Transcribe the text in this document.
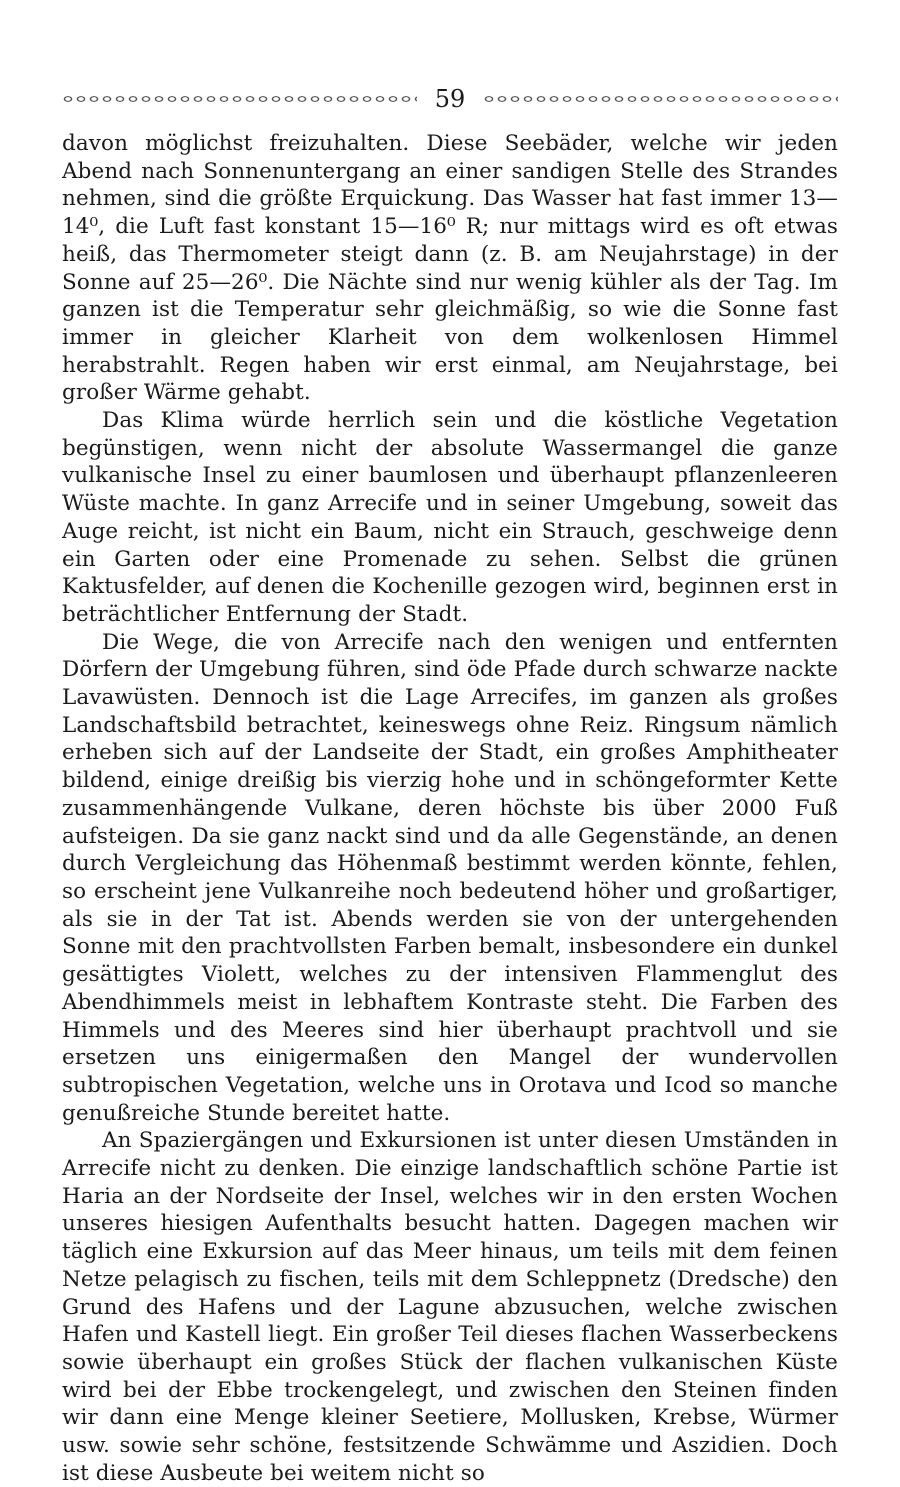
59

davon möglichst freizuhalten. Diese Seebäder, welche wir jeden Abend nach Sonnenuntergang an einer sandigen Stelle des Strandes nehmen, sind die größte Erquickung. Das Wasser hat fast immer 13—14⁰, die Luft fast konstant 15—16⁰ R; nur mittags wird es oft etwas heiß, das Thermometer steigt dann (z. B. am Neujahrstage) in der Sonne auf 25—26⁰. Die Nächte sind nur wenig kühler als der Tag. Im ganzen ist die Temperatur sehr gleichmäßig, so wie die Sonne fast immer in gleicher Klarheit von dem wolkenlosen Himmel herabstrahlt. Regen haben wir erst einmal, am Neujahrstage, bei großer Wärme gehabt.

Das Klima würde herrlich sein und die köstliche Vegetation begünstigen, wenn nicht der absolute Wassermangel die ganze vulkanische Insel zu einer baumlosen und überhaupt pflanzenleeren Wüste machte. In ganz Arrecife und in seiner Umgebung, soweit das Auge reicht, ist nicht ein Baum, nicht ein Strauch, geschweige denn ein Garten oder eine Promenade zu sehen. Selbst die grünen Kaktusfelder, auf denen die Kochenille gezogen wird, beginnen erst in beträchtlicher Entfernung der Stadt.

Die Wege, die von Arrecife nach den wenigen und entfernten Dörfern der Umgebung führen, sind öde Pfade durch schwarze nackte Lavawüsten. Dennoch ist die Lage Arrecifes, im ganzen als großes Landschaftsbild betrachtet, keineswegs ohne Reiz. Ringsum nämlich erheben sich auf der Landseite der Stadt, ein großes Amphitheater bildend, einige dreißig bis vierzig hohe und in schöngeformter Kette zusammenhängende Vulkane, deren höchste bis über 2000 Fuß aufsteigen. Da sie ganz nackt sind und da alle Gegenstände, an denen durch Vergleichung das Höhenmaß bestimmt werden könnte, fehlen, so erscheint jene Vulkanreihe noch bedeutend höher und großartiger, als sie in der Tat ist. Abends werden sie von der untergehenden Sonne mit den prachtvollsten Farben bemalt, insbesondere ein dunkel gesättigtes Violett, welches zu der intensiven Flammenglut des Abendhimmels meist in lebhaftem Kontraste steht. Die Farben des Himmels und des Meeres sind hier überhaupt prachtvoll und sie ersetzen uns einigermaßen den Mangel der wundervollen subtropischen Vegetation, welche uns in Orotava und Icod so manche genußreiche Stunde bereitet hatte.

An Spaziergängen und Exkursionen ist unter diesen Umständen in Arrecife nicht zu denken. Die einzige landschaftlich schöne Partie ist Haria an der Nordseite der Insel, welches wir in den ersten Wochen unseres hiesigen Aufenthalts besucht hatten. Dagegen machen wir täglich eine Exkursion auf das Meer hinaus, um teils mit dem feinen Netze pelagisch zu fischen, teils mit dem Schleppnetz (Dredsche) den Grund des Hafens und der Lagune abzusuchen, welche zwischen Hafen und Kastell liegt. Ein großer Teil dieses flachen Wasserbeckens sowie überhaupt ein großes Stück der flachen vulkanischen Küste wird bei der Ebbe trockengelegt, und zwischen den Steinen finden wir dann eine Menge kleiner Seetiere, Mollusken, Krebse, Würmer usw. sowie sehr schöne, festsitzende Schwämme und Aszidien. Doch ist diese Ausbeute bei weitem nicht so
